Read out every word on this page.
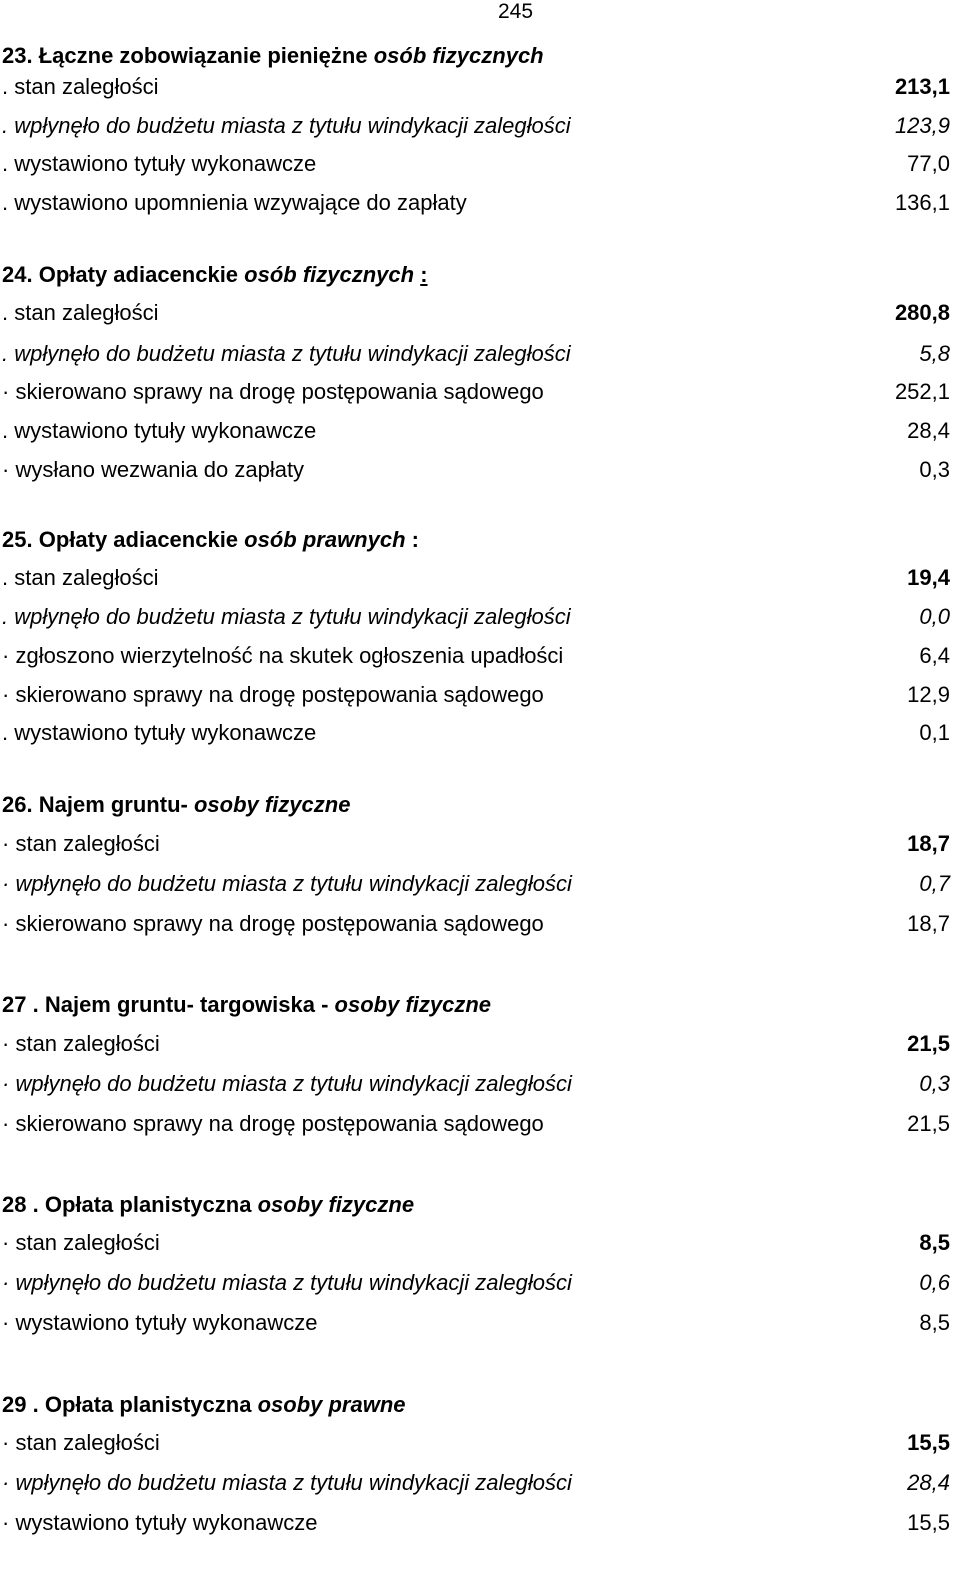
245
23. Łączne zobowiązanie pieniężne osób fizycznych
. stan zaległości	213,1
. wpłynęło do budżetu miasta z tytułu windykacji zaległości	123,9
. wystawiono tytuły wykonawcze	77,0
. wystawiono upomnienia wzywające do zapłaty	136,1
24. Opłaty adiacenckie osób fizycznych :
. stan zaległości	280,8
. wpłynęło do budżetu miasta z tytułu windykacji zaległości	5,8
· skierowano sprawy na drogę postępowania sądowego	252,1
. wystawiono tytuły wykonawcze	28,4
· wysłano wezwania do zapłaty	0,3
25. Opłaty adiacenckie osób prawnych :
. stan zaległości	19,4
. wpłynęło do budżetu miasta z tytułu windykacji zaległości	0,0
· zgłoszono wierzytelność na skutek ogłoszenia upadłości	6,4
· skierowano sprawy na drogę postępowania sądowego	12,9
. wystawiono tytuły wykonawcze	0,1
26. Najem gruntu- osoby fizyczne
· stan zaległości	18,7
· wpłynęło do budżetu miasta z tytułu windykacji zaległości	0,7
· skierowano sprawy na drogę postępowania sądowego	18,7
27 . Najem gruntu- targowiska - osoby fizyczne
· stan zaległości	21,5
· wpłynęło do budżetu miasta z tytułu windykacji zaległości	0,3
· skierowano sprawy na drogę postępowania sądowego	21,5
28 . Opłata planistyczna osoby fizyczne
· stan zaległości	8,5
· wpłynęło do budżetu miasta z tytułu windykacji zaległości	0,6
· wystawiono tytuły wykonawcze	8,5
29 . Opłata planistyczna osoby prawne
· stan zaległości	15,5
· wpłynęło do budżetu miasta z tytułu windykacji zaległości	28,4
· wystawiono tytuły wykonawcze	15,5
